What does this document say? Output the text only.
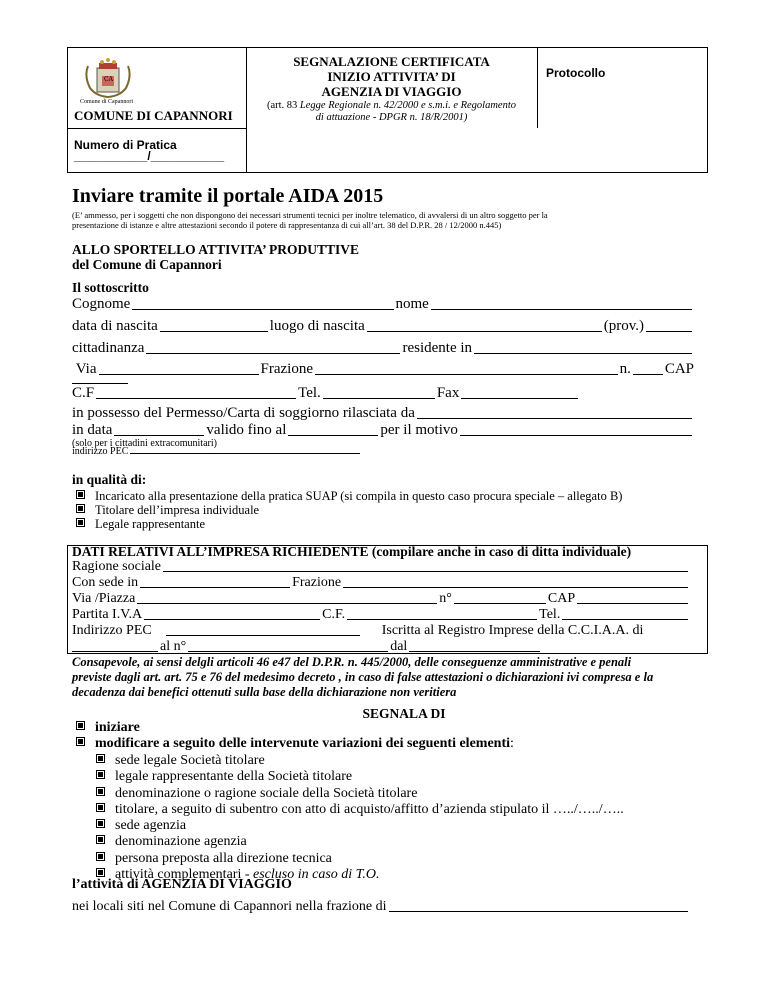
CA
Comune di Capannori
COMUNE DI CAPANNORI
Numero di Pratica
___________/___________
SEGNALAZIONE CERTIFICATA
INIZIO ATTIVITA’ DI
AGENZIA DI VIAGGIO
(art. 83 Legge Regionale n. 42/2000 e s.m.i. e Regolamento
di attuazione - DPGR n. 18/R/2001)
Protocollo
Inviare tramite il portale AIDA 2015
(E’ ammesso, per i soggetti che non dispongono dei necessari strumenti tecnici per inoltre telematico, di avvalersi di un altro soggetto per la
presentazione di istanze e altre attestazioni secondo il potere di rappresentanza di cui all’art. 38 del D.P.R. 28 / 12/2000 n.445)
ALLO SPORTELLO ATTIVITA’ PRODUTTIVE
del Comune di Capannori
Il sottoscritto
Cognome	nome
data di nascita	luogo di nascita	(prov.)
cittadinanza	residente in

Via	Frazione	n. CAP
C.F	Tel.	Fax
in possesso del Permesso/Carta di soggiorno rilasciata da
in data	valido fino al	per il motivo
(solo per i cittadini extracomunitari)
indirizzo PEC
in qualità di:
Incaricato alla presentazione della pratica SUAP (si compila in questo caso procura speciale – allegato B)
Titolare dell’impresa individuale
Legale rappresentante
DATI RELATIVI ALL’IMPRESA RICHIEDENTE (compilare anche in caso di ditta individuale)
Ragione sociale
Con sede in	Frazione
Via /Piazza	n°	CAP
Partita I.V.A	C.F.	Tel.
Indirizzo PEC	Iscritta al Registro Imprese della C.C.I.A.A. di
al n°	dal
Consapevole, ai sensi delgli articoli 46 e47 del D.P.R. n. 445/2000, delle conseguenze amministrative e penali
previste dagli art. art. 75 e 76 del medesimo decreto , in caso di false attestazioni o dichiarazioni ivi compresa e la
decadenza dai benefici ottenuti sulla base della dichiarazione non veritiera
SEGNALA DI
iniziare
modificare a seguito delle intervenute variazioni dei seguenti elementi:
sede legale Società titolare
legale rappresentante della Società titolare
denominazione o ragione sociale della Società titolare
titolare, a seguito di subentro con atto di acquisto/affitto d’azienda stipulato il …../…../…..
sede agenzia
denominazione agenzia
persona preposta alla direzione tecnica
attività complementari - escluso in caso di T.O.
l’attività di AGENZIA DI VIAGGIO
nei locali siti nel Comune di Capannori nella frazione di
